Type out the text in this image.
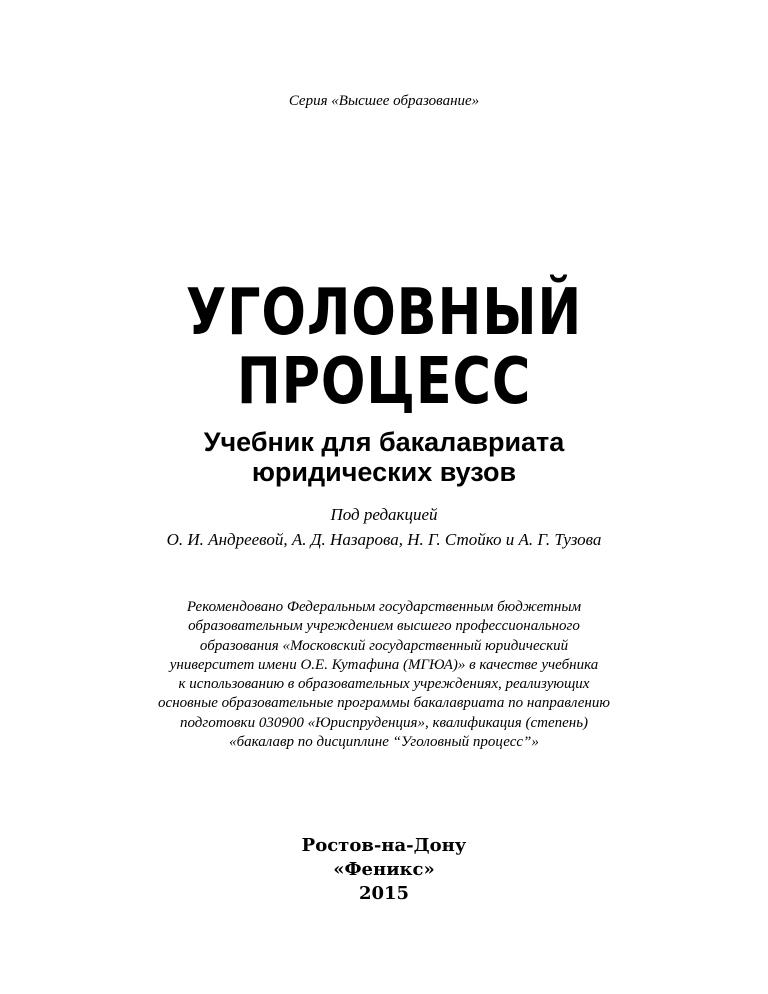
Серия «Высшее образование»
УГОЛОВНЫЙ
ПРОЦЕСС
Учебник для бакалавриата
юридических вузов
Под редакцией
О. И. Андреевой, А. Д. Назарова, Н. Г. Стойко и А. Г. Тузова
Рекомендовано Федеральным государственным бюджетным
образовательным учреждением высшего профессионального
образования «Московский государственный юридический
университет имени О.Е. Кутафина (МГЮА)» в качестве учебника
к использованию в образовательных учреждениях, реализующих
основные образовательные программы бакалавриата по направлению
подготовки 030900 «Юриспруденция», квалификация (степень)
«бакалавр по дисциплине “Уголовный процесс”»
Ростов-на-Дону
«Феникс»
2015
